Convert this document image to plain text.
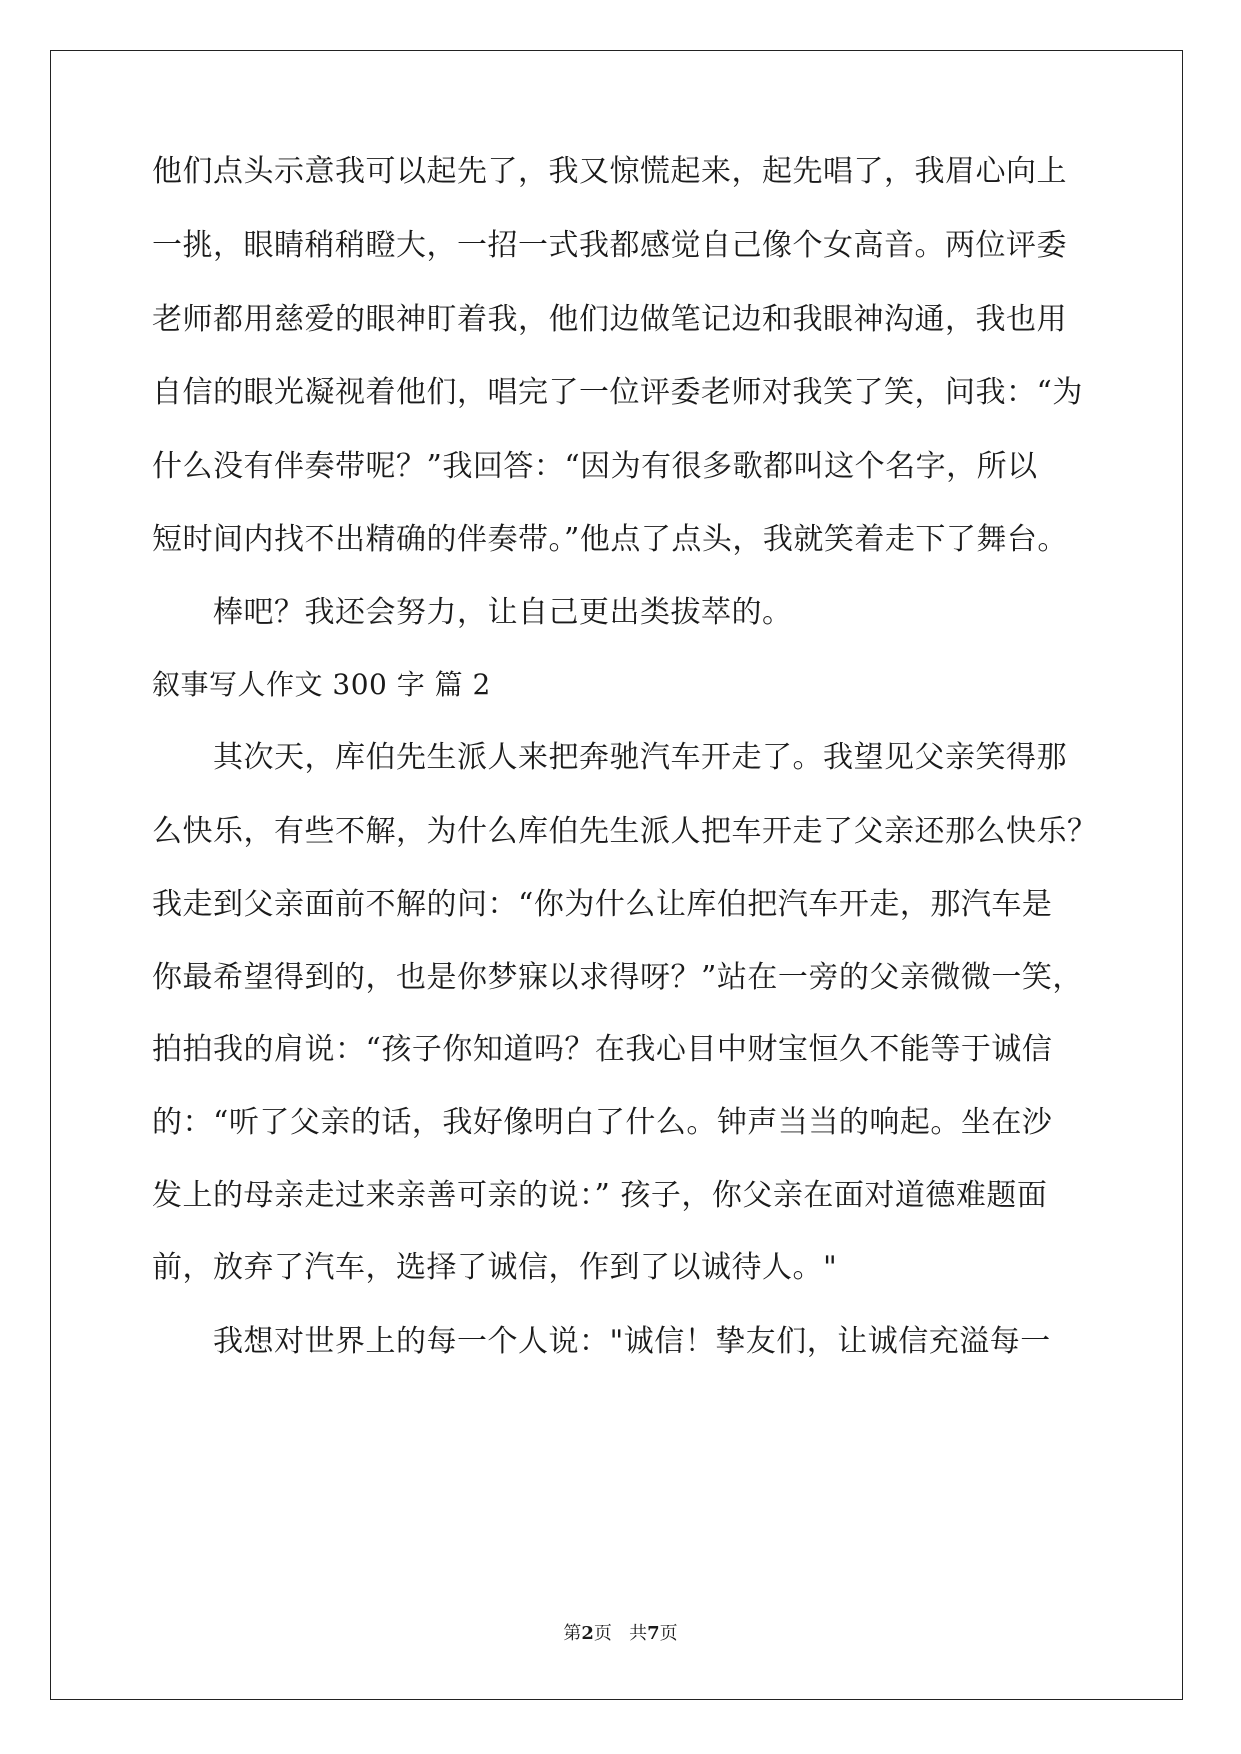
他们点头示意我可以起先了，我又惊慌起来，起先唱了，我眉心向上
一挑，眼睛稍稍瞪大，一招一式我都感觉自己像个女高音。两位评委
老师都用慈爱的眼神盯着我，他们边做笔记边和我眼神沟通，我也用
自信的眼光凝视着他们，唱完了一位评委老师对我笑了笑，问我：“为
什么没有伴奏带呢？”我回答：“因为有很多歌都叫这个名字，所以
短时间内找不出精确的伴奏带。”他点了点头，我就笑着走下了舞台。
棒吧？我还会努力，让自己更出类拔萃的。
叙事写人作文 300 字 篇 2
其次天，库伯先生派人来把奔驰汽车开走了。我望见父亲笑得那
么快乐，有些不解，为什么库伯先生派人把车开走了父亲还那么快乐？
我走到父亲面前不解的问：“你为什么让库伯把汽车开走，那汽车是
你最希望得到的，也是你梦寐以求得呀？”站在一旁的父亲微微一笑，
拍拍我的肩说：“孩子你知道吗？在我心目中财宝恒久不能等于诚信
的：“听了父亲的话，我好像明白了什么。钟声当当的响起。坐在沙
发上的母亲走过来亲善可亲的说：” 孩子，你父亲在面对道德难题面
前，放弃了汽车，选择了诚信，作到了以诚待人。"
我想对世界上的每一个人说："诚信！挚友们，让诚信充溢每一
第2页 共7页
